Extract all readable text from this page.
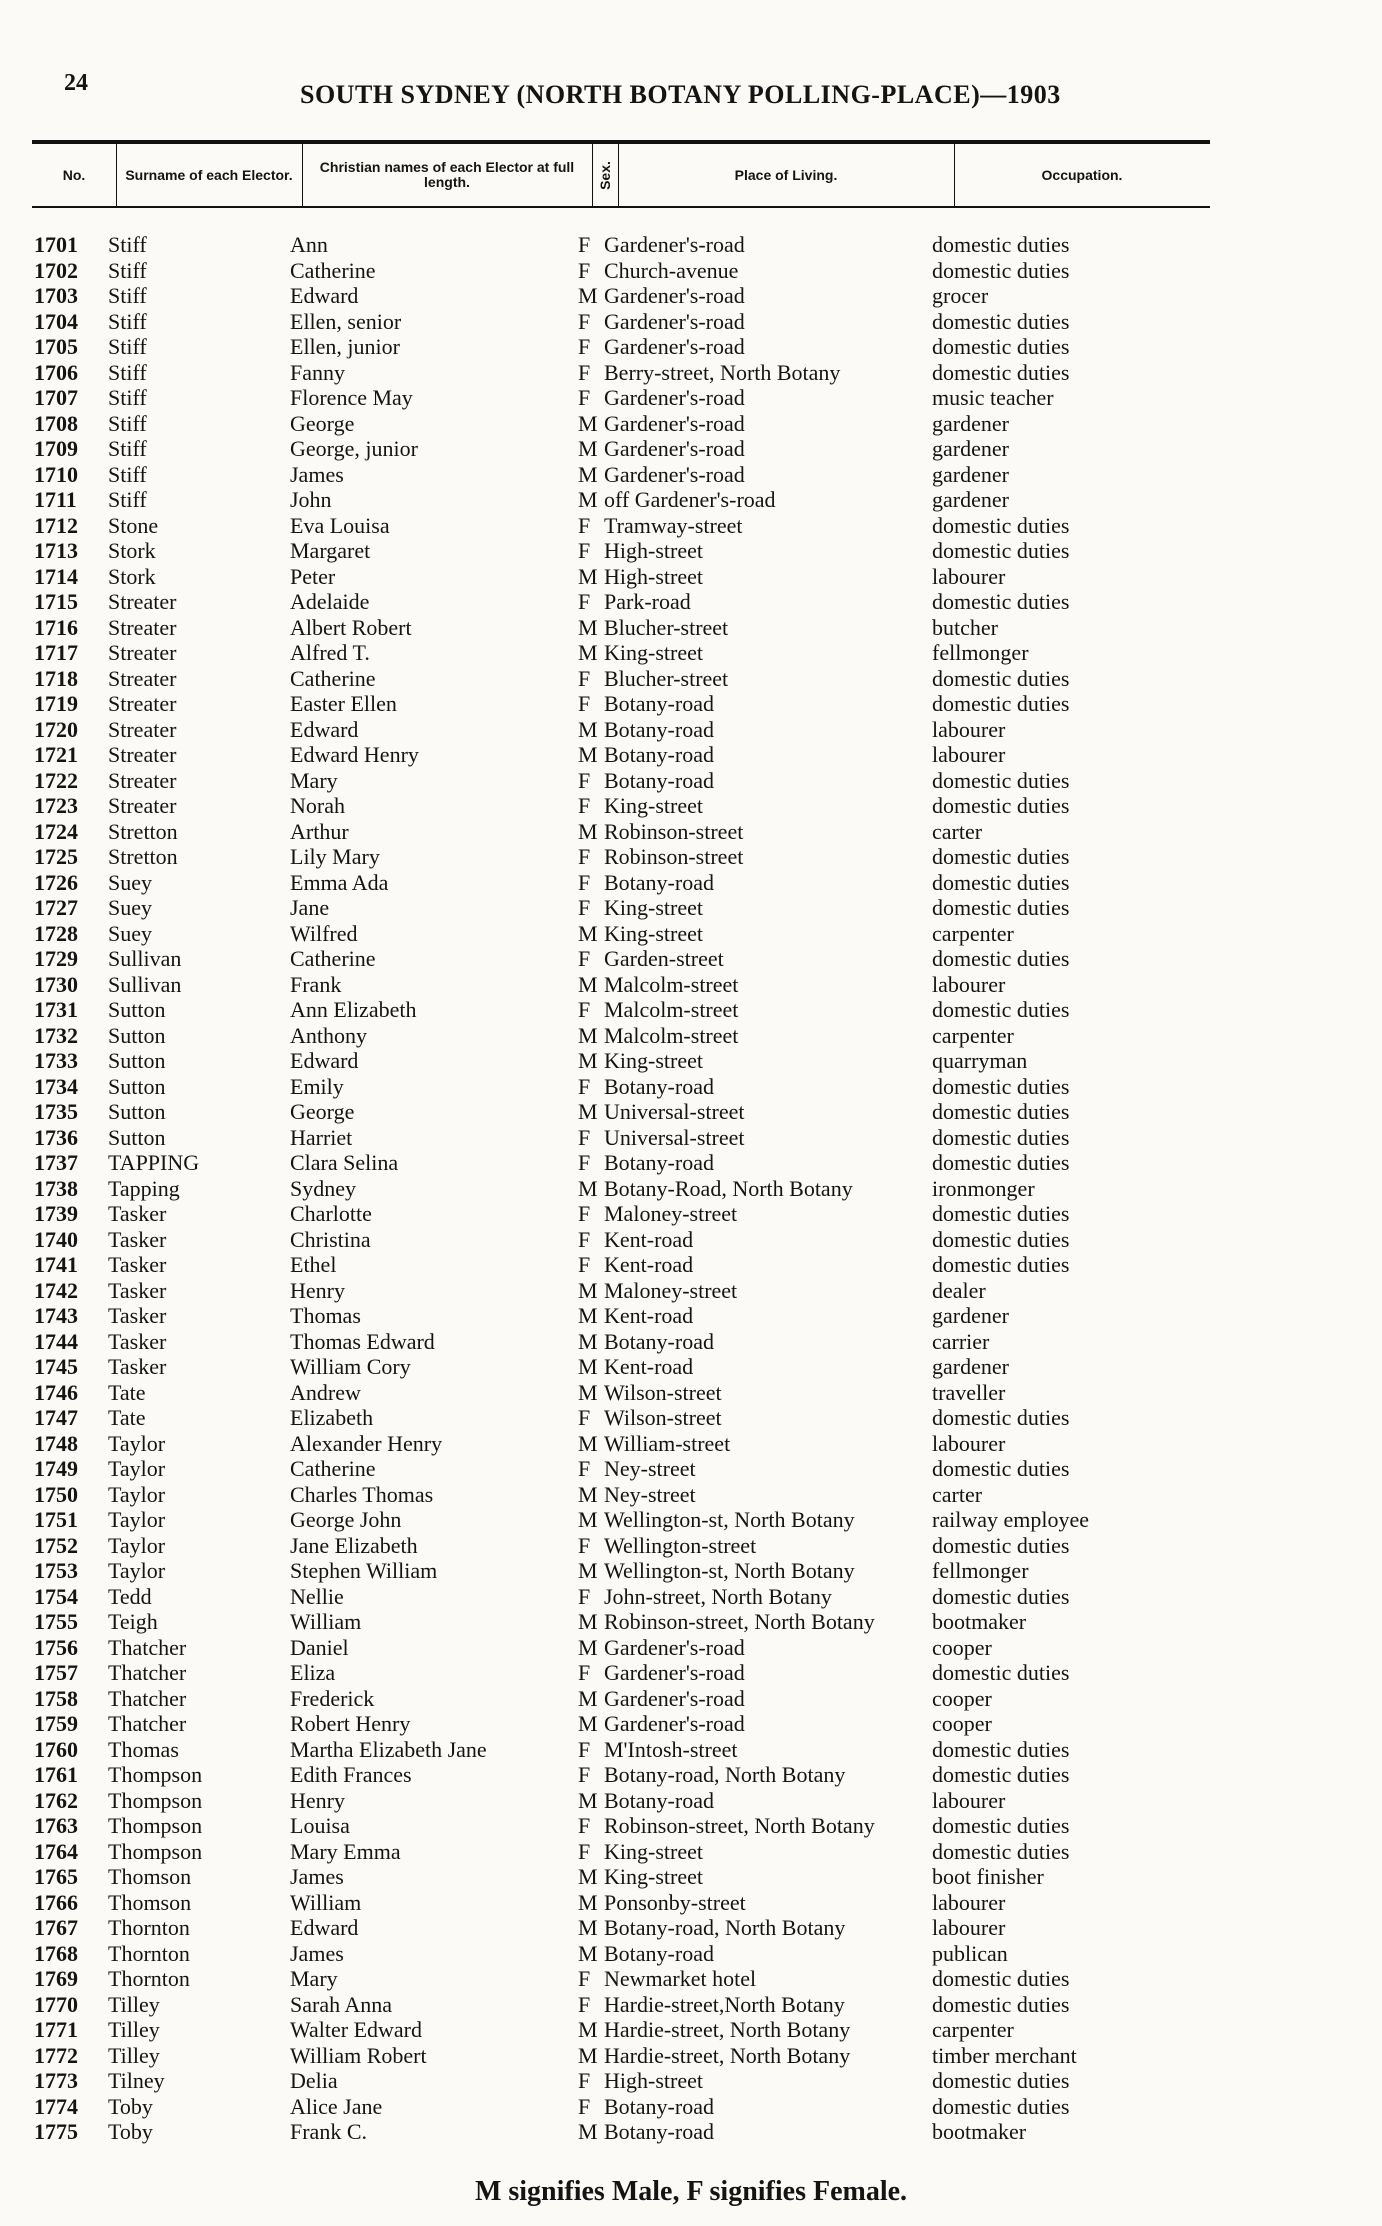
24	SOUTH SYDNEY (NORTH BOTANY POLLING-PLACE)—1903
No.	Surname of each Elector.	Christian names of each Elector at full length.	Sex.	Place of Living.	Occupation.
1701 Stiff	Ann	F Gardener's-road	domestic duties
1702 Stiff	Catherine	F Church-avenue	domestic duties
1703 Stiff	Edward	M Gardener's-road	grocer
1704 Stiff	Ellen, senior	F Gardener's-road	domestic duties
1705 Stiff	Ellen, junior	F Gardener's-road	domestic duties
1706 Stiff	Fanny	F Berry-street, North Botany	domestic duties
1707 Stiff	Florence May	F Gardener's-road	music teacher
1708 Stiff	George	M Gardener's-road	gardener
1709 Stiff	George, junior	M Gardener's-road	gardener
1710 Stiff	James	M Gardener's-road	gardener
1711 Stiff	John	M off Gardener's-road	gardener
1712 Stone	Eva Louisa	F Tramway-street	domestic duties
1713 Stork	Margaret	F High-street	domestic duties
1714 Stork	Peter	M High-street	labourer
1715 Streater	Adelaide	F Park-road	domestic duties
1716 Streater	Albert Robert	M Blucher-street	butcher
1717 Streater	Alfred T.	M King-street	fellmonger
1718 Streater	Catherine	F Blucher-street	domestic duties
1719 Streater	Easter Ellen	F Botany-road	domestic duties
1720 Streater	Edward	M Botany-road	labourer
1721 Streater	Edward Henry	M Botany-road	labourer
1722 Streater	Mary	F Botany-road	domestic duties
1723 Streater	Norah	F King-street	domestic duties
1724 Stretton	Arthur	M Robinson-street	carter
1725 Stretton	Lily Mary	F Robinson-street	domestic duties
1726 Suey	Emma Ada	F Botany-road	domestic duties
1727 Suey	Jane	F King-street	domestic duties
1728 Suey	Wilfred	M King-street	carpenter
1729 Sullivan	Catherine	F Garden-street	domestic duties
1730 Sullivan	Frank	M Malcolm-street	labourer
1731 Sutton	Ann Elizabeth	F Malcolm-street	domestic duties
1732 Sutton	Anthony	M Malcolm-street	carpenter
1733 Sutton	Edward	M King-street	quarryman
1734 Sutton	Emily	F Botany-road	domestic duties
1735 Sutton	George	M Universal-street	domestic duties
1736 Sutton	Harriet	F Universal-street	domestic duties
1737 TAPPING	Clara Selina	F Botany-road	domestic duties
1738 Tapping	Sydney	M Botany-Road, North Botany	ironmonger
1739 Tasker	Charlotte	F Maloney-street	domestic duties
1740 Tasker	Christina	F Kent-road	domestic duties
1741 Tasker	Ethel	F Kent-road	domestic duties
1742 Tasker	Henry	M Maloney-street	dealer
1743 Tasker	Thomas	M Kent-road	gardener
1744 Tasker	Thomas Edward	M Botany-road	carrier
1745 Tasker	William Cory	M Kent-road	gardener
1746 Tate	Andrew	M Wilson-street	traveller
1747 Tate	Elizabeth	F Wilson-street	domestic duties
1748 Taylor	Alexander Henry	M William-street	labourer
1749 Taylor	Catherine	F Ney-street	domestic duties
1750 Taylor	Charles Thomas	M Ney-street	carter
1751 Taylor	George John	M Wellington-st, North Botany	railway employee
1752 Taylor	Jane Elizabeth	F Wellington-street	domestic duties
1753 Taylor	Stephen William	M Wellington-st, North Botany	fellmonger
1754 Tedd	Nellie	F John-street, North Botany	domestic duties
1755 Teigh	William	M Robinson-street, North Botany	bootmaker
1756 Thatcher	Daniel	M Gardener's-road	cooper
1757 Thatcher	Eliza	F Gardener's-road	domestic duties
1758 Thatcher	Frederick	M Gardener's-road	cooper
1759 Thatcher	Robert Henry	M Gardener's-road	cooper
1760 Thomas	Martha Elizabeth Jane	F M'Intosh-street	domestic duties
1761 Thompson	Edith Frances	F Botany-road, North Botany	domestic duties
1762 Thompson	Henry	M Botany-road	labourer
1763 Thompson	Louisa	F Robinson-street, North Botany	domestic duties
1764 Thompson	Mary Emma	F King-street	domestic duties
1765 Thomson	James	M King-street	boot finisher
1766 Thomson	William	M Ponsonby-street	labourer
1767 Thornton	Edward	M Botany-road, North Botany	labourer
1768 Thornton	James	M Botany-road	publican
1769 Thornton	Mary	F Newmarket hotel	domestic duties
1770 Tilley	Sarah Anna	F Hardie-street,North Botany	domestic duties
1771 Tilley	Walter Edward	M Hardie-street, North Botany	carpenter
1772 Tilley	William Robert	M Hardie-street, North Botany	timber merchant
1773 Tilney	Delia	F High-street	domestic duties
1774 Toby	Alice Jane	F Botany-road	domestic duties
1775 Toby	Frank C.	M Botany-road	bootmaker
M signifies Male, F signifies Female.
